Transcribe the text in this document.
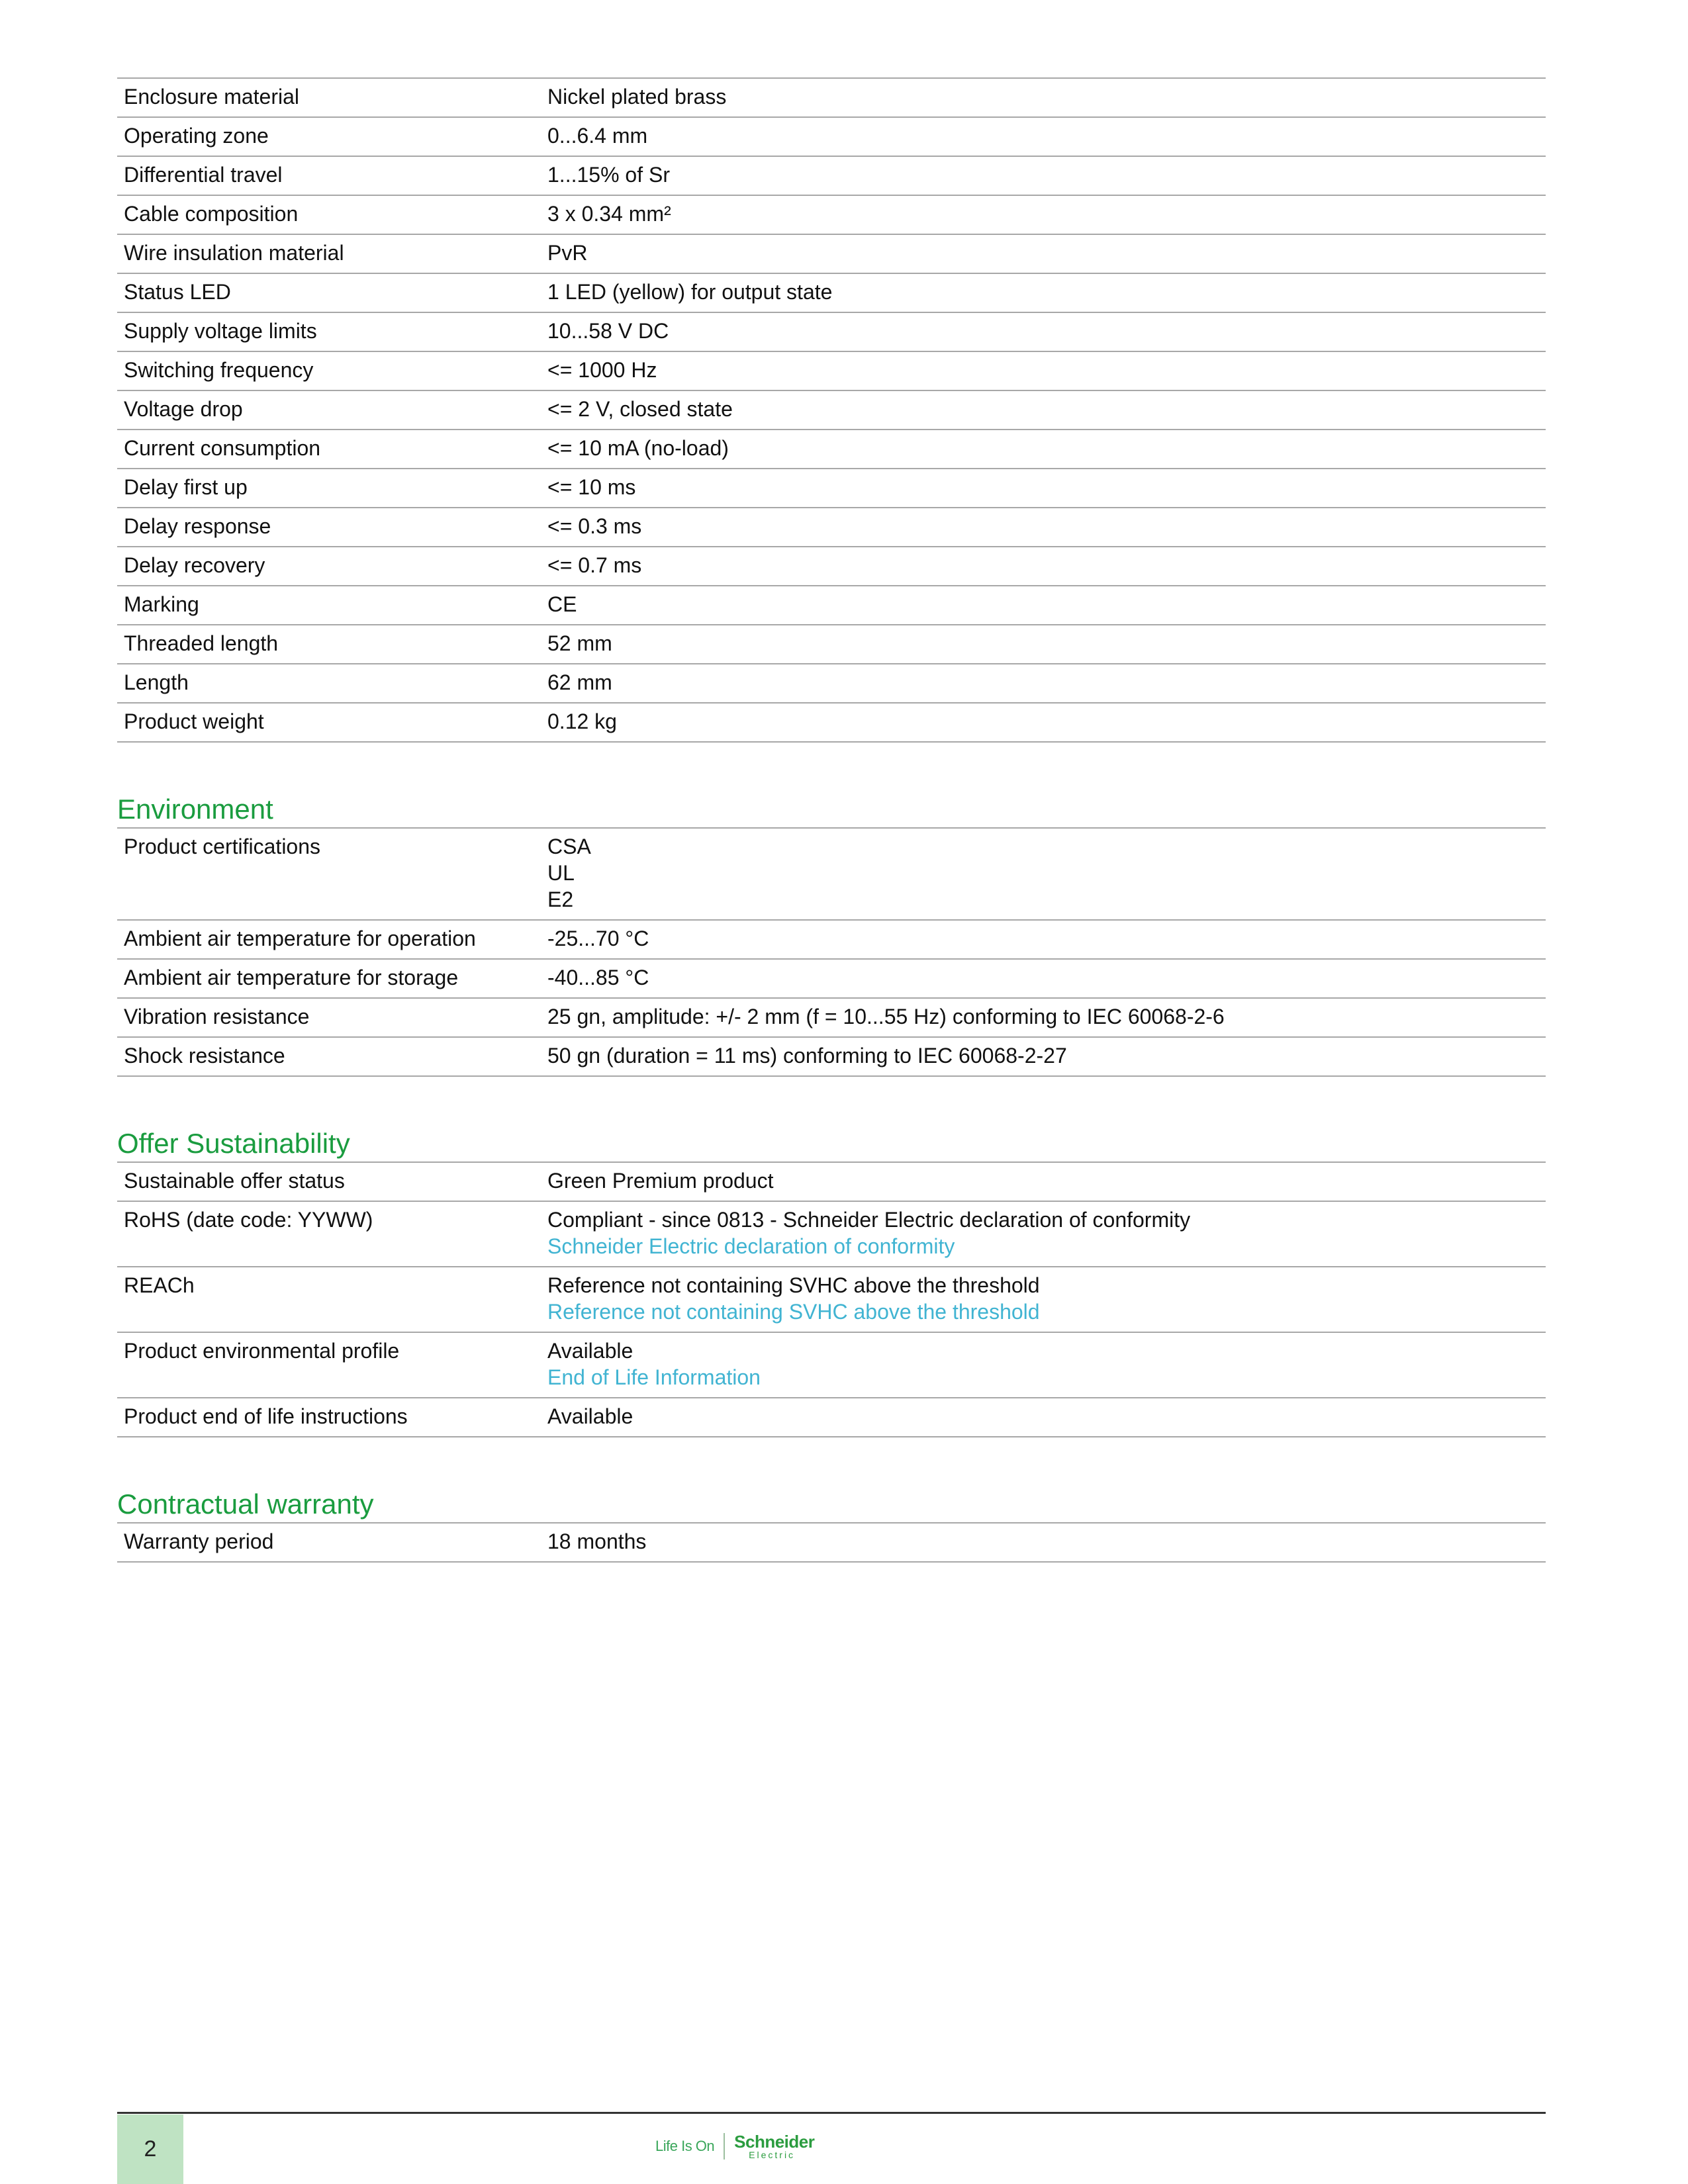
Enclosure material	Nickel plated brass
Operating zone	0...6.4 mm
Differential travel	1...15% of Sr
Cable composition	3 x 0.34 mm²
Wire insulation material	PvR
Status LED	1 LED (yellow) for output state
Supply voltage limits	10...58 V DC
Switching frequency	<= 1000 Hz
Voltage drop	<= 2 V, closed state
Current consumption	<= 10 mA (no-load)
Delay first up	<= 10 ms
Delay response	<= 0.3 ms
Delay recovery	<= 0.7 ms
Marking	CE
Threaded length	52 mm
Length	62 mm
Product weight	0.12 kg
Environment
Product certifications	CSA
UL
E2

Ambient air temperature for operation	-25...70 °C
Ambient air temperature for storage	-40...85 °C
Vibration resistance	25 gn, amplitude: +/- 2 mm (f = 10...55 Hz) conforming to IEC 60068-2-6
Shock resistance	50 gn (duration = 11 ms) conforming to IEC 60068-2-27
Offer Sustainability
Sustainable offer status	Green Premium product
RoHS (date code: YYWW)	Compliant - since 0813 - Schneider Electric declaration of conformity
Schneider Electric declaration of conformity

REACh	Reference not containing SVHC above the threshold
Reference not containing SVHC above the threshold

Product environmental profile	Available
End of Life Information

Product end of life instructions	Available
Contractual warranty
Warranty period	18 months
2	Life Is On Schneider
Electric
